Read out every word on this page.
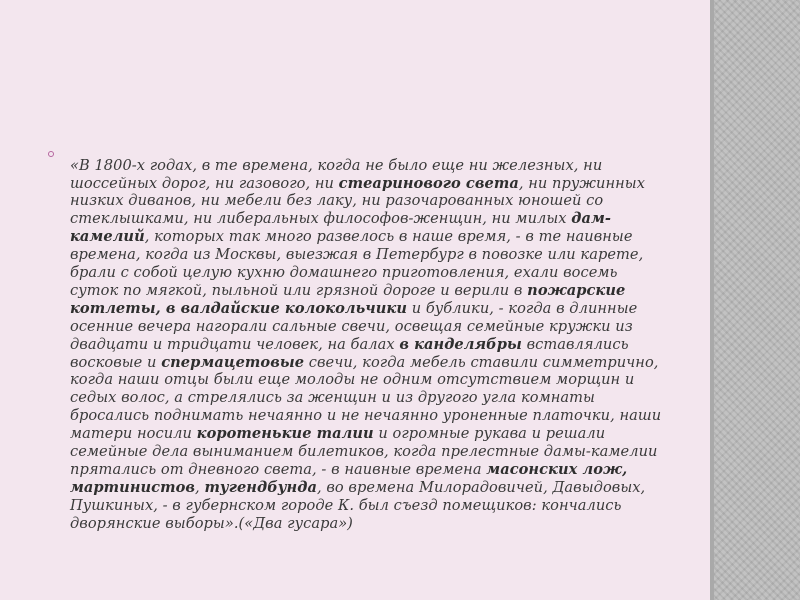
«В 1800-х годах, в те времена, когда не было еще ни железных, ни шоссейных дорог, ни газового, ни стеаринового света, ни пружинных низких диванов, ни мебели без лаку, ни разочарованных юношей со стеклышками, ни либеральных философов-женщин, ни милых дам-камелий, которых так много развелось в наше время, - в те наивные времена, когда из Москвы, выезжая в Петербург в повозке или карете, брали с собой целую кухню домашнего приготовления, ехали восемь суток по мягкой, пыльной или грязной дороге и верили в пожарские котлеты, в валдайские колокольчики и бублики, - когда в длинные осенние вечера нагорали сальные свечи, освещая семейные кружки из двадцати и тридцати человек, на балах в канделябры вставлялись восковые и спермацетовые свечи, когда мебель ставили симметрично, когда наши отцы были еще молоды не одним отсутствием морщин и седых волос, а стрелялись за женщин и из другого угла комнаты бросались поднимать нечаянно и не нечаянно уроненные платочки, наши матери носили коротенькие талии и огромные рукава и решали семейные дела выниманием билетиков, когда прелестные дамы-камелии прятались от дневного света, - в наивные времена масонских лож, мартинистов, тугендбунда, во времена Милорадовичей, Давыдовых, Пушкиных, - в губернском городе К. был съезд помещиков: кончались дворянские выборы».(«Два гусара»)
